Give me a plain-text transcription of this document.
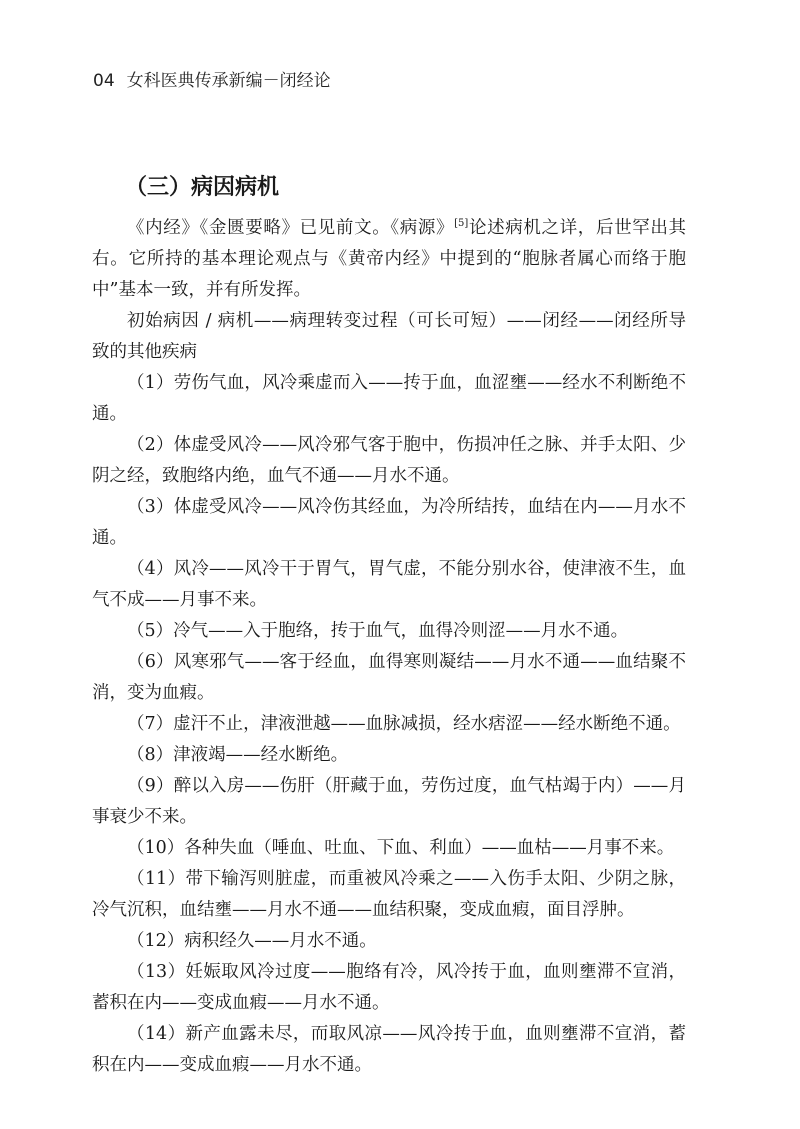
04 女科医典传承新编－闭经论
（三）病因病机

《内经》《金匮要略》已见前文。《病源》[5]论述病机之详，后世罕出其右。它所持的基本理论观点与《黄帝内经》中提到的“胞脉者属心而络于胞中”基本一致，并有所发挥。

初始病因 / 病机——病理转变过程（可长可短）——闭经——闭经所导致的其他疾病

（1）劳伤气血，风冷乘虚而入——抟于血，血涩壅——经水不利断绝不通。

（2）体虚受风冷——风冷邪气客于胞中，伤损冲任之脉、并手太阳、少阴之经，致胞络内绝，血气不通——月水不通。

（3）体虚受风冷——风冷伤其经血，为冷所结抟，血结在内——月水不通。

（4）风冷——风冷干于胃气，胃气虚，不能分别水谷，使津液不生，血气不成——月事不来。

（5）冷气——入于胞络，抟于血气，血得冷则涩——月水不通。

（6）风寒邪气——客于经血，血得寒则凝结——月水不通——血结聚不消，变为血瘕。

（7）虚汗不止，津液泄越——血脉减损，经水痞涩——经水断绝不通。

（8）津液竭——经水断绝。

（9）醉以入房——伤肝（肝藏于血，劳伤过度，血气枯竭于内）——月事衰少不来。

（10）各种失血（唾血、吐血、下血、利血）——血枯——月事不来。

（11）带下输泻则脏虚，而重被风冷乘之——入伤手太阳、少阴之脉，冷气沉积，血结壅——月水不通——血结积聚，变成血瘕，面目浮肿。

（12）病积经久——月水不通。

（13）妊娠取风冷过度——胞络有冷，风冷抟于血，血则壅滞不宣消，蓄积在内——变成血瘕——月水不通。

（14）新产血露未尽，而取风凉——风冷抟于血，血则壅滞不宣消，蓄积在内——变成血瘕——月水不通。
